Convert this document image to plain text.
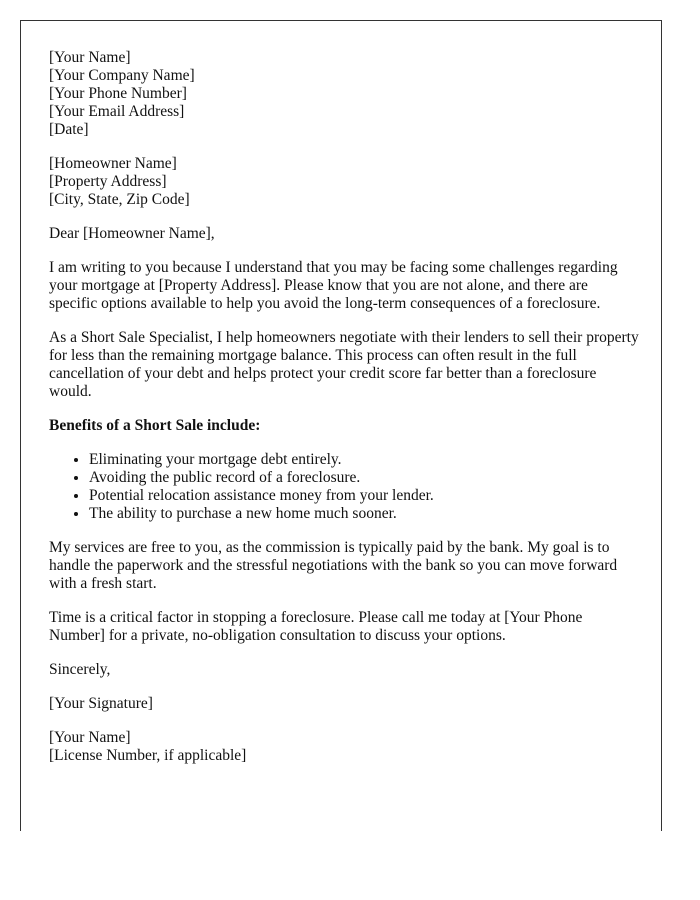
[Your Name]
[Your Company Name]
[Your Phone Number]
[Your Email Address]
[Date]
[Homeowner Name]
[Property Address]
[City, State, Zip Code]

Dear [Homeowner Name],

I am writing to you because I understand that you may be facing some challenges regarding your mortgage at [Property Address]. Please know that you are not alone, and there are specific options available to help you avoid the long-term consequences of a foreclosure.

As a Short Sale Specialist, I help homeowners negotiate with their lenders to sell their property for less than the remaining mortgage balance. This process can often result in the full cancellation of your debt and helps protect your credit score far better than a foreclosure would.

Benefits of a Short Sale include:

• Eliminating your mortgage debt entirely.
• Avoiding the public record of a foreclosure.
• Potential relocation assistance money from your lender.
• The ability to purchase a new home much sooner.

My services are free to you, as the commission is typically paid by the bank. My goal is to handle the paperwork and the stressful negotiations with the bank so you can move forward with a fresh start.

Time is a critical factor in stopping a foreclosure. Please call me today at [Your Phone Number] for a private, no-obligation consultation to discuss your options.

Sincerely,

[Your Signature]

[Your Name]
[License Number, if applicable]
